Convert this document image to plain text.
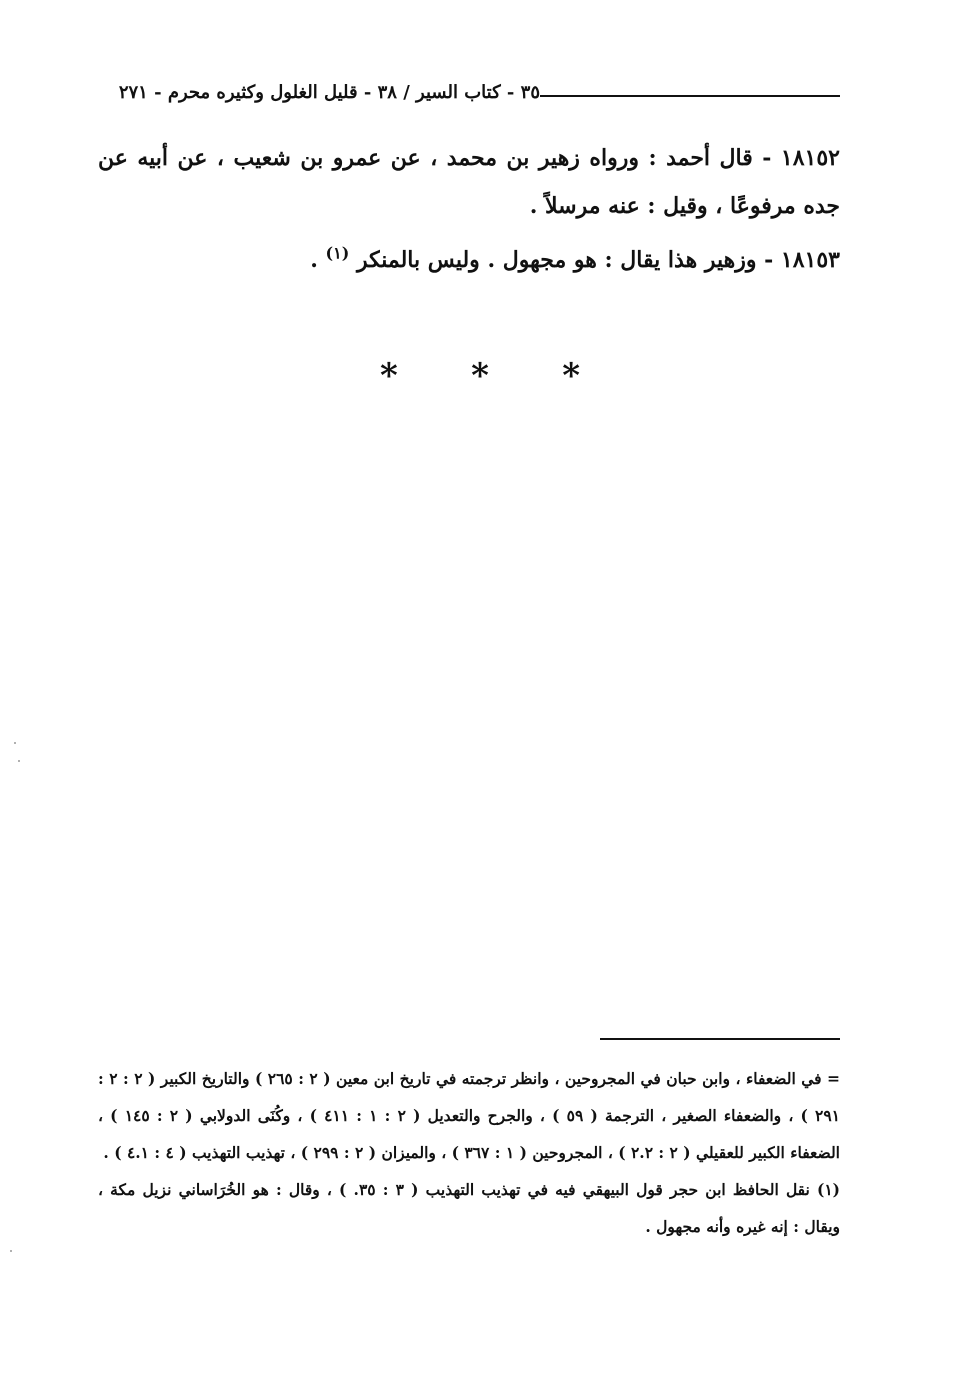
٣٥ - كتاب السير / ٣٨ - قليل الغلول وكثيره محرم - ٢٧١

١٨١٥٢ - قال أحمد : ورواه زهير بن محمد ، عن عمرو بن شعيب ، عن أبيه عن جده مرفوعًا ، وقيل : عنه مرسلاً .

١٨١٥٣ - وزهير هذا يقال : هو مجهول . وليس بالمنكر $^{(١)}$ .

* * *

= في الضعفاء ، وابن حبان في المجروحين ، وانظر ترجمته في تاريخ ابن معين ( ٢ : ٢٦٥ ) والتاريخ الكبير ( ٢ : ٢ : ٢٩١ ) ، والضعفاء الصغير ، الترجمة ( ٥٩ ) ، والجرح والتعديل ( ٢ : ١ : ٤١١ ) ، وكُنَى الدولابي ( ٢ : ١٤٥ ) ، الضعفاء الكبير للعقيلي ( ٢ : ٢.٢ ) ، المجروحين ( ١ : ٣٦٧ ) ، والميزان ( ٢ : ٢٩٩ ) ، تهذيب التهذيب ( ٤ : ٤.١ ) .

(١) نقل الحافظ ابن حجر قول البيهقي فيه في تهذيب التهذيب ( ٣ : ٣٥. ) ، وقال : هو الخُرَاساني نزيل مكة ، ويقال : إنه غيره وأنه مجهول .
